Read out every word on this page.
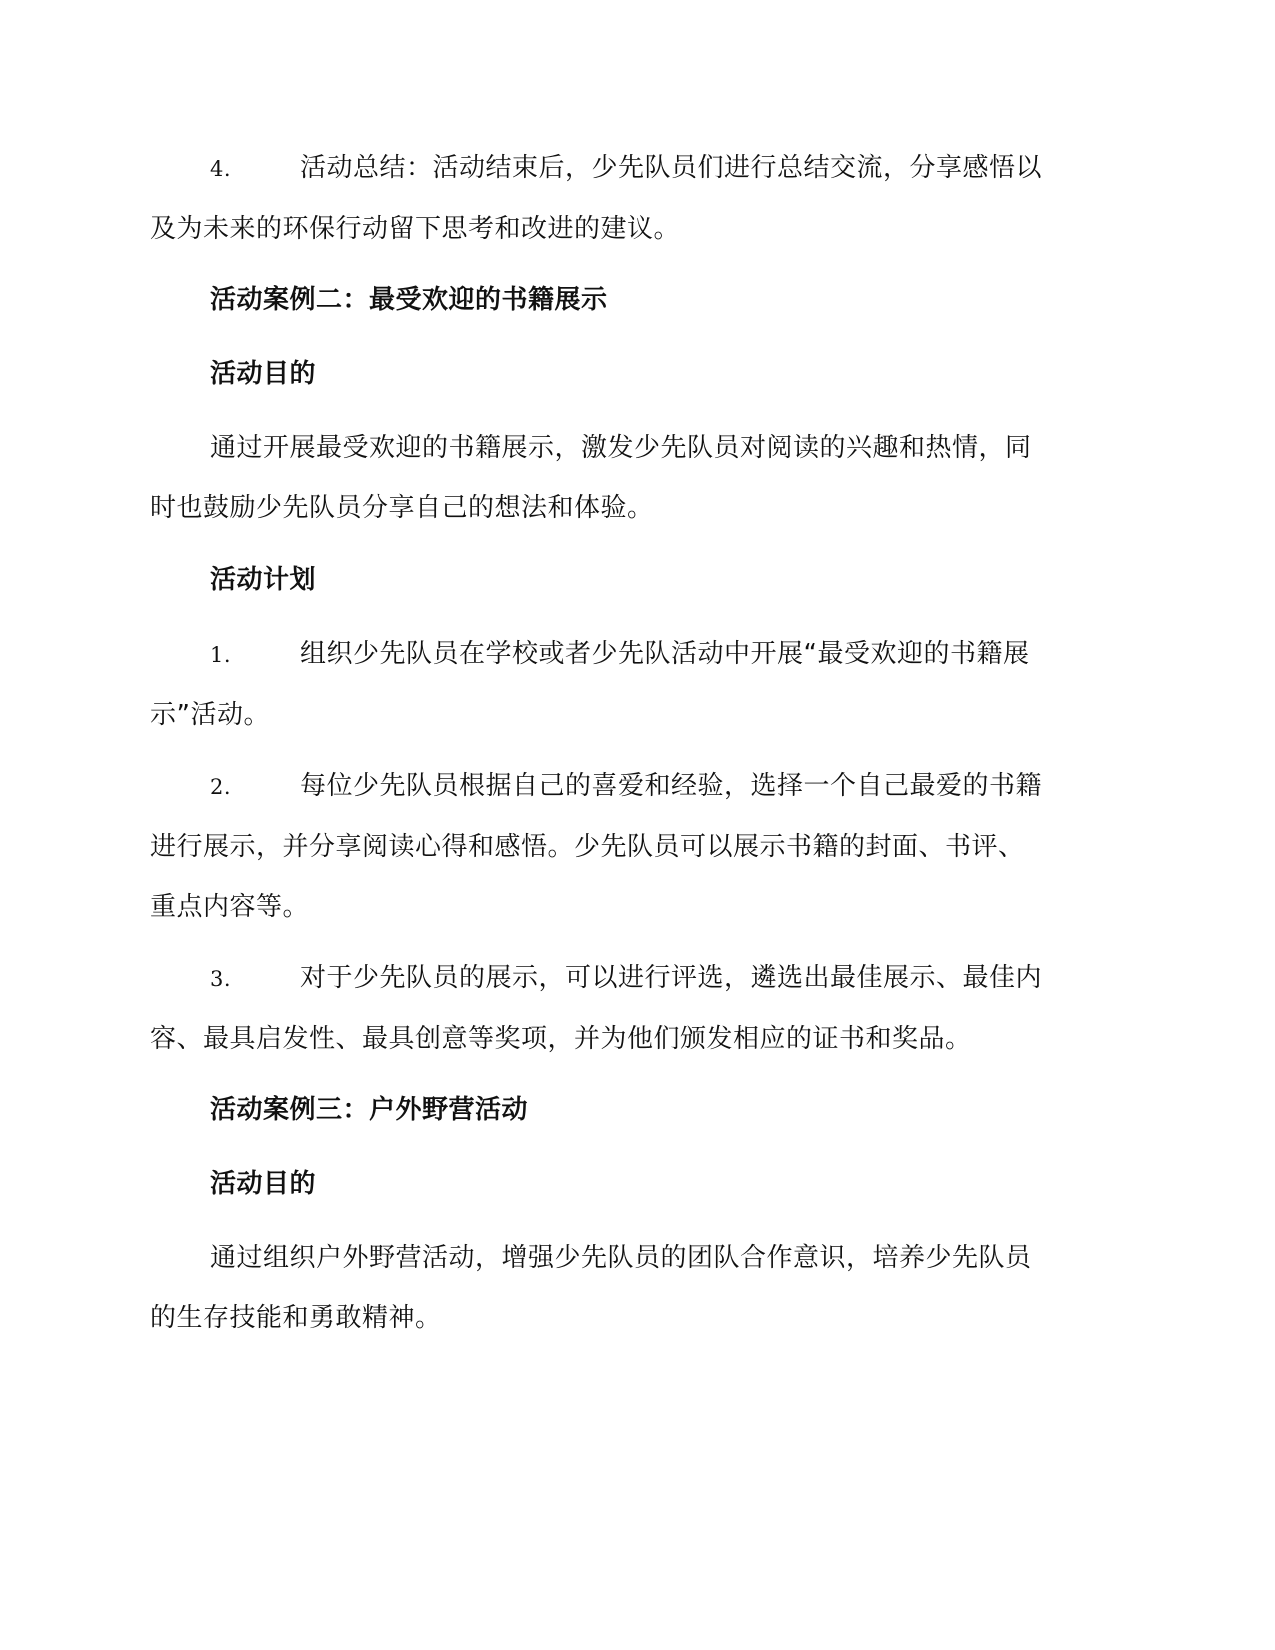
4.	活动总结：活动结束后，少先队员们进行总结交流，分享感悟以
及为未来的环保行动留下思考和改进的建议。
活动案例二：最受欢迎的书籍展示
活动目的
通过开展最受欢迎的书籍展示，激发少先队员对阅读的兴趣和热情，同
时也鼓励少先队员分享自己的想法和体验。
活动计划
1.	组织少先队员在学校或者少先队活动中开展“最受欢迎的书籍展
示”活动。
2.	每位少先队员根据自己的喜爱和经验，选择一个自己最爱的书籍
进行展示，并分享阅读心得和感悟。少先队员可以展示书籍的封面、书评、
重点内容等。
3.	对于少先队员的展示，可以进行评选，遴选出最佳展示、最佳内
容、最具启发性、最具创意等奖项，并为他们颁发相应的证书和奖品。
活动案例三：户外野营活动
活动目的
通过组织户外野营活动，增强少先队员的团队合作意识，培养少先队员
的生存技能和勇敢精神。
